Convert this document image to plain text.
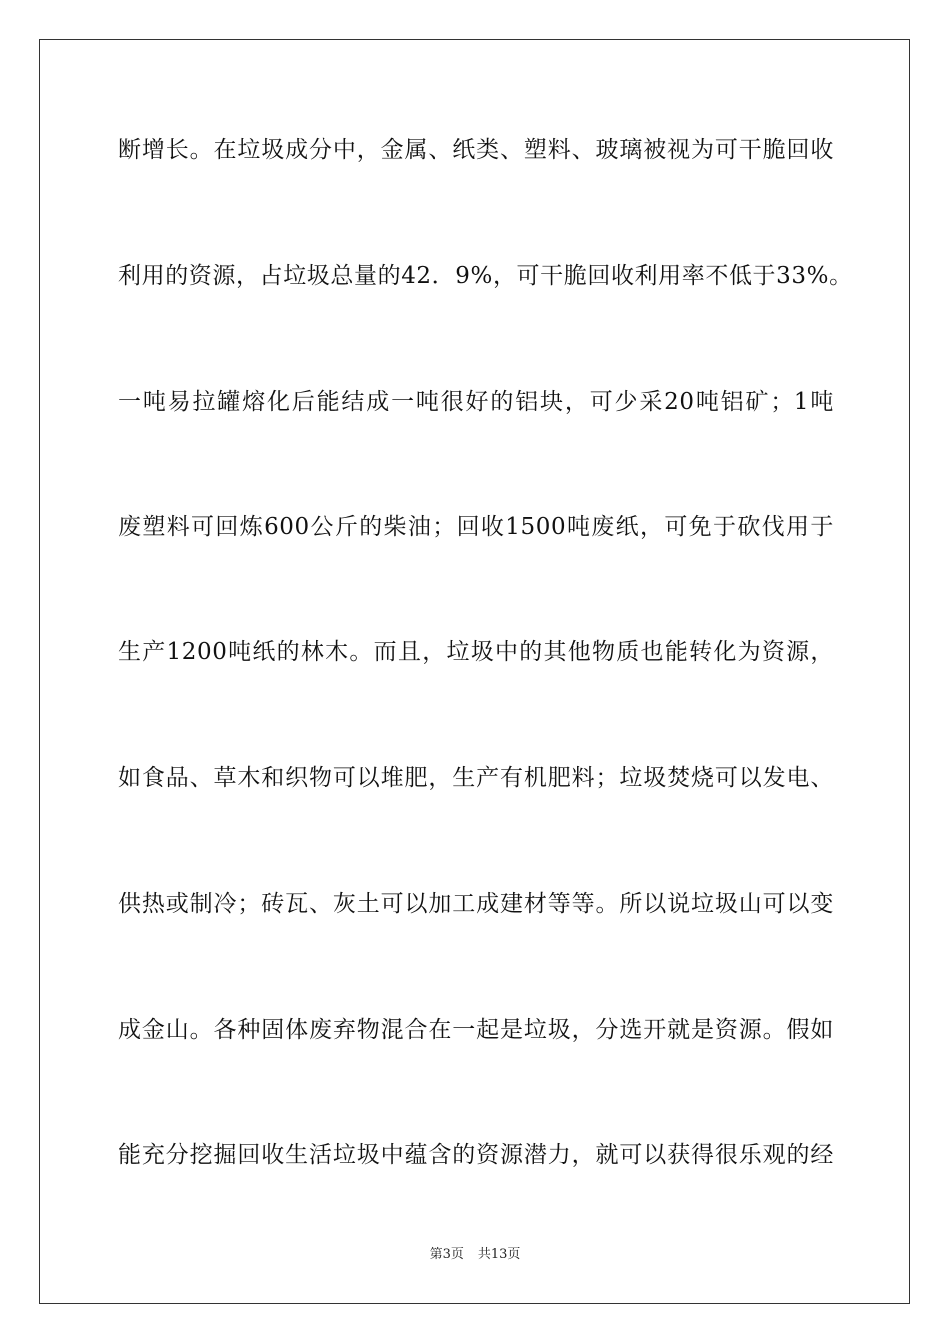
断增长。在垃圾成分中，金属、纸类、塑料、玻璃被视为可干脆回收
利用的资源，占垃圾总量的42．9%，可干脆回收利用率不低于33%。
一吨易拉罐熔化后能结成一吨很好的铝块，可少采20吨铝矿；1吨
废塑料可回炼600公斤的柴油；回收1500吨废纸，可免于砍伐用于
生产1200吨纸的林木。而且，垃圾中的其他物质也能转化为资源，
如食品、草木和织物可以堆肥，生产有机肥料；垃圾焚烧可以发电、
供热或制冷；砖瓦、灰土可以加工成建材等等。所以说垃圾山可以变
成金山。各种固体废弃物混合在一起是垃圾，分选开就是资源。假如
能充分挖掘回收生活垃圾中蕴含的资源潜力，就可以获得很乐观的经
第3页 共13页
